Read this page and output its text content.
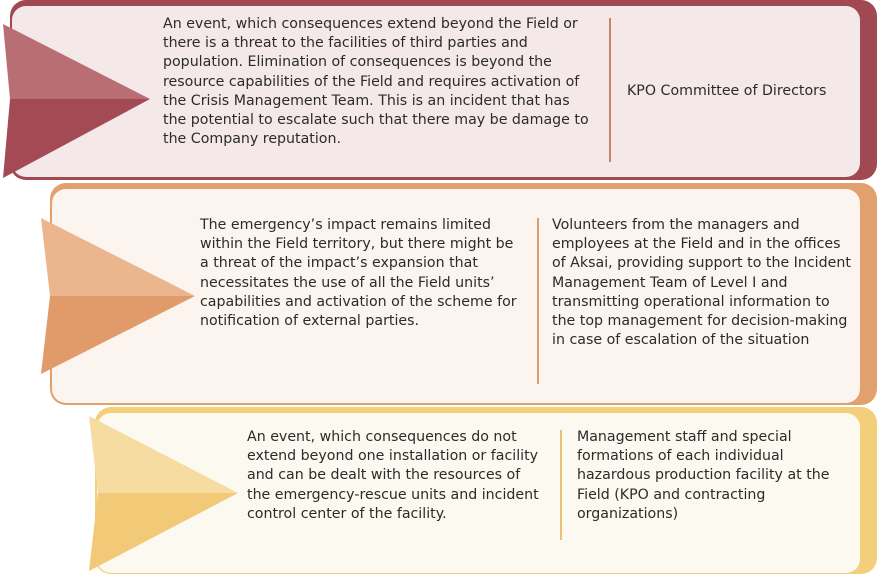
An event, which consequences extend beyond the Field or there is a threat to the facilities of third parties and population. Elimination of consequences is beyond the resource capabilities of the Field and requires activation of the Crisis Management Team. This is an incident that has the potential to escalate such that there may be damage to the Company reputation.

KPO Committee of Directors

The emergency’s impact remains limited within the Field territory, but there might be a threat of the impact’s expansion that necessitates the use of all the Field units’ capabilities and activation of the scheme for notification of external parties.

Volunteers from the managers and employees at the Field and in the offices of Aksai, providing support to the Incident Management Team of Level I and transmitting operational information to the top management for decision-making in case of escalation of the situation

An event, which consequences do not extend beyond one installation or facility and can be dealt with the resources of the emergency-rescue units and incident control center of the facility.

Management staff and special formations of each individual hazardous production facility at the Field (KPO and contracting organizations)
